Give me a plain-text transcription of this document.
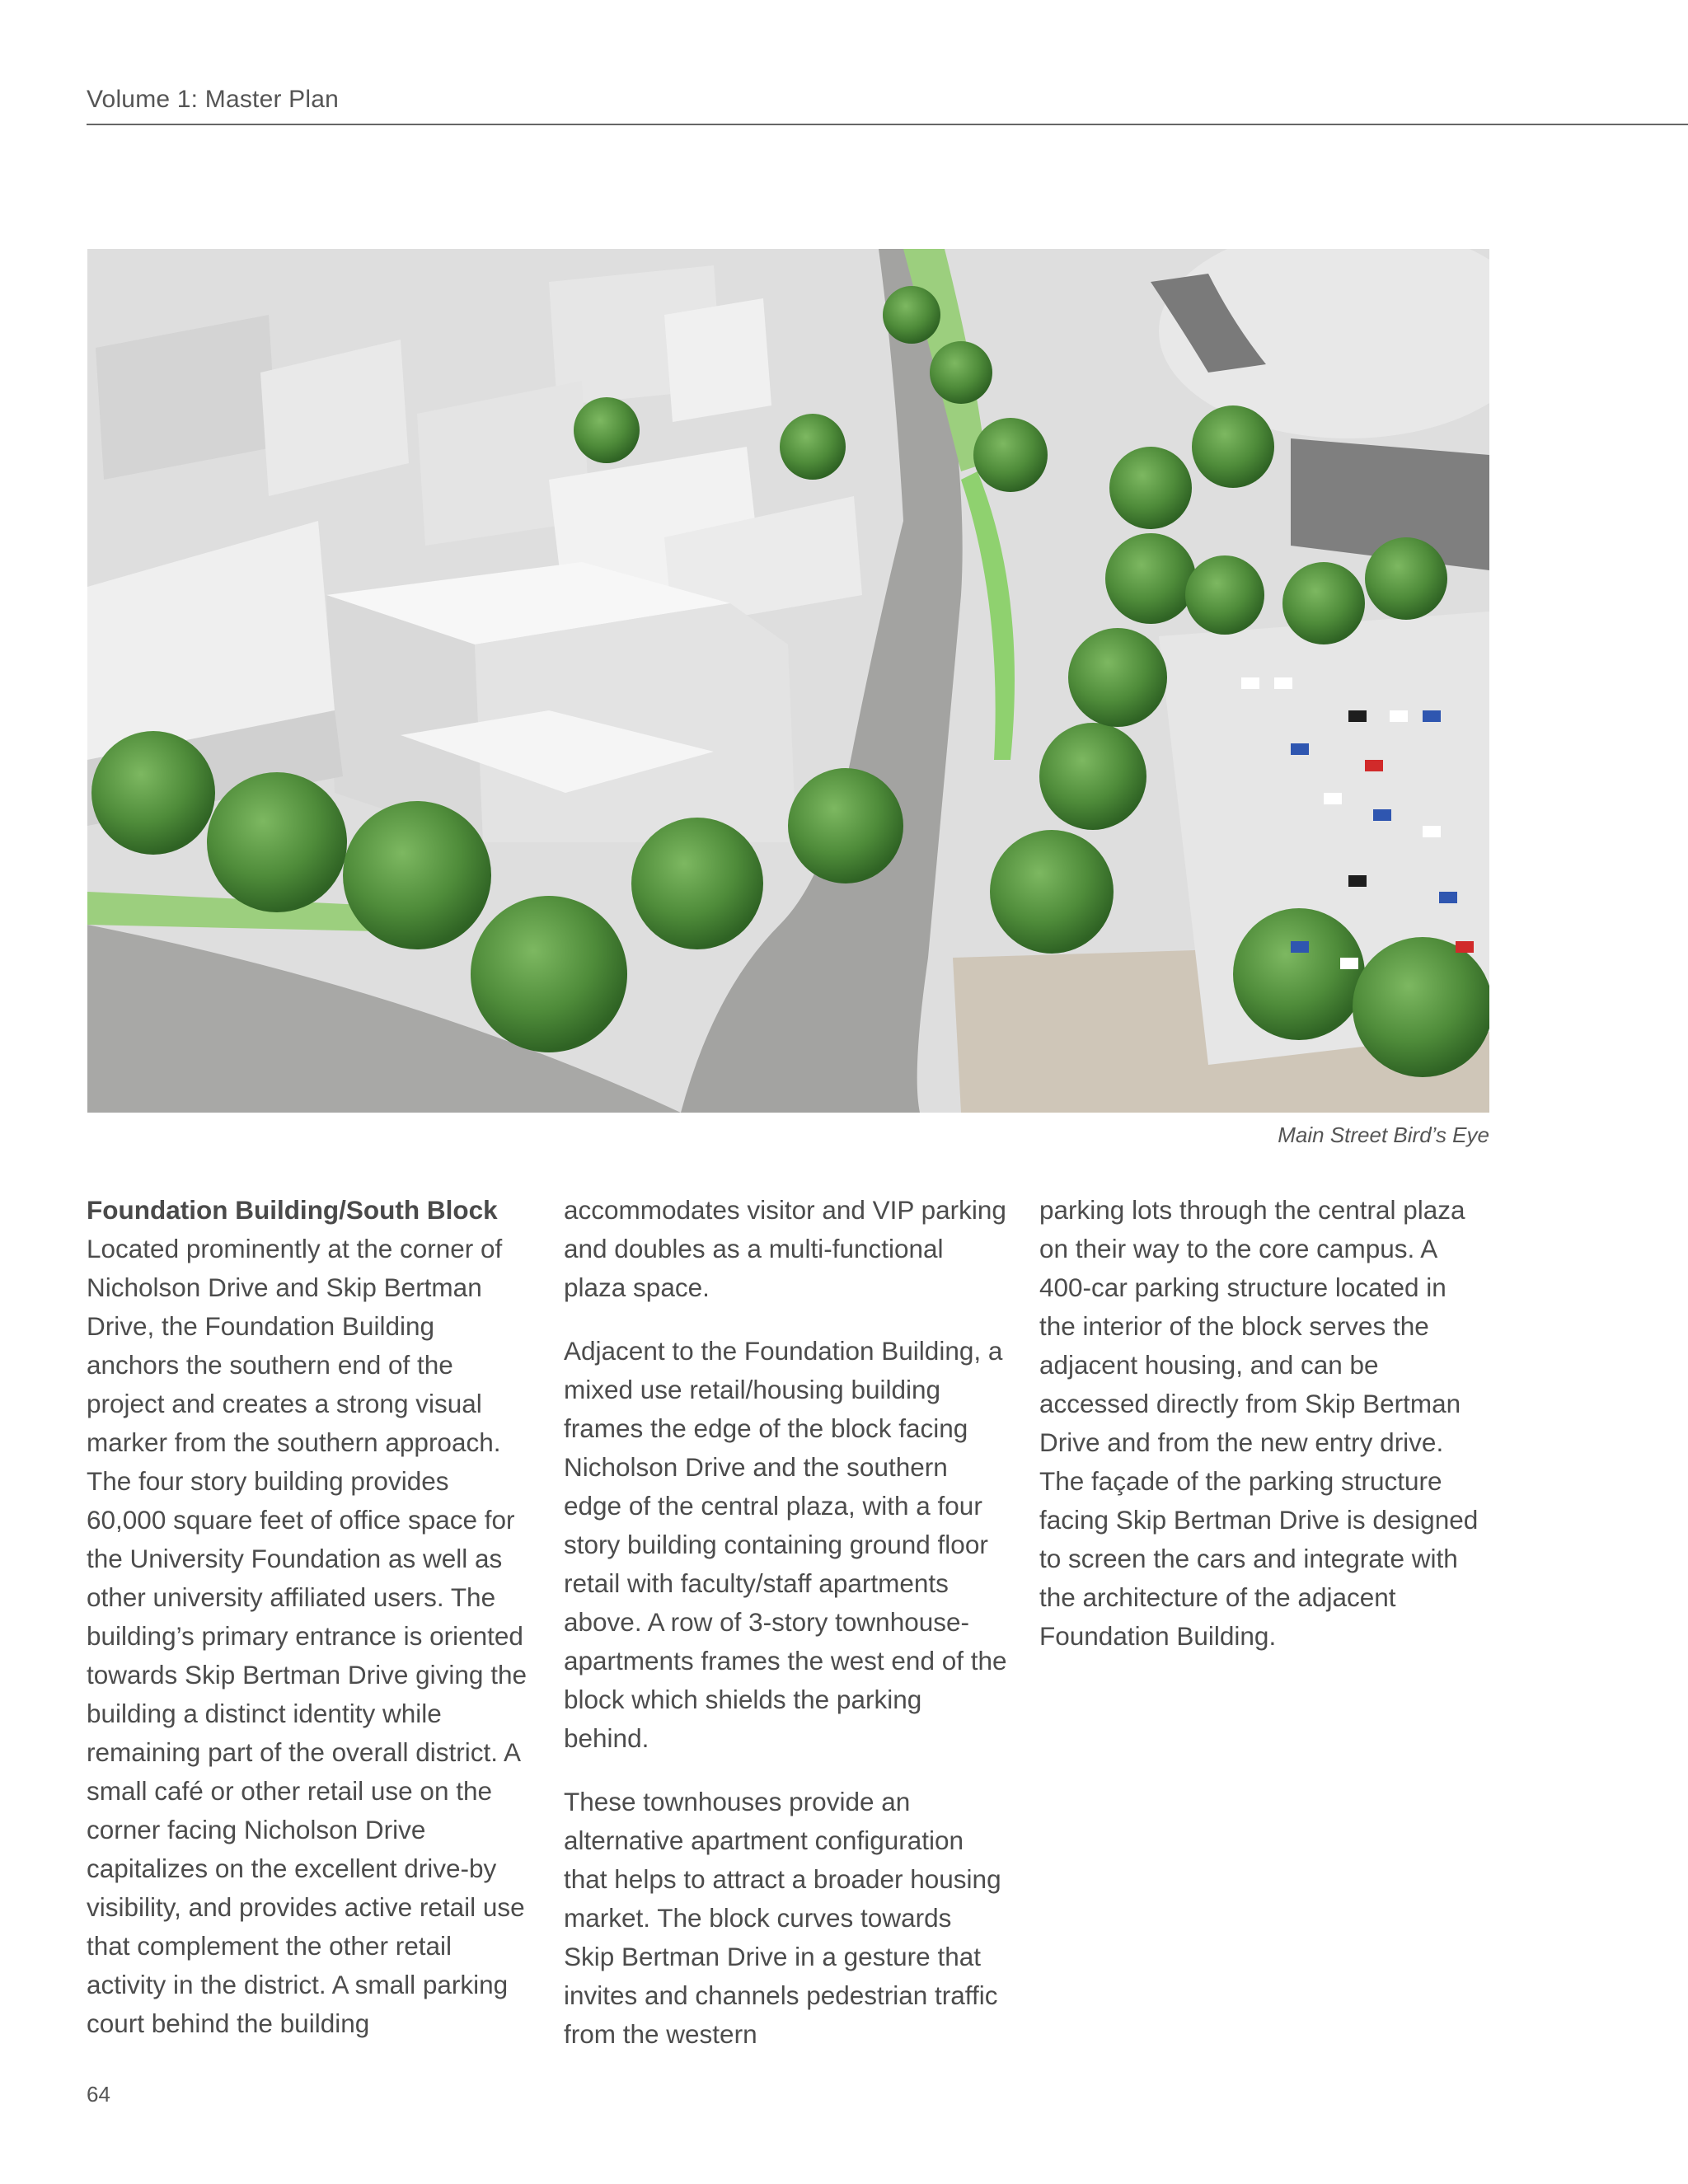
Volume 1: Master Plan
Main Street Bird’s Eye

Foundation Building/South Block
Located prominently at the corner of Nicholson Drive and Skip Bertman Drive, the Foundation Building anchors the southern end of the project and creates a strong visual marker from the southern approach. The four story building provides 60,000 square feet of office space for the University Foundation as well as other university affiliated users. The building’s primary entrance is oriented towards Skip Bertman Drive giving the building a distinct identity while remaining part of the overall district. A small café or other retail use on the corner facing Nicholson Drive capitalizes on the excellent drive-by visibility, and provides active retail use that complement the other retail activity in the district. A small parking court behind the building

accommodates visitor and VIP parking and doubles as a multi-functional plaza space.

Adjacent to the Foundation Building, a mixed use retail/housing building frames the edge of the block facing Nicholson Drive and the southern edge of the central plaza, with a four story building containing ground floor retail with faculty/staff apartments above. A row of 3-story townhouse-apartments frames the west end of the block which shields the parking behind.

These townhouses provide an alternative apartment configuration that helps to attract a broader housing market. The block curves towards Skip Bertman Drive in a gesture that invites and channels pedestrian traffic from the western

parking lots through the central plaza on their way to the core campus. A 400-car parking structure located in the interior of the block serves the adjacent housing, and can be accessed directly from Skip Bertman Drive and from the new entry drive. The façade of the parking structure facing Skip Bertman Drive is designed to screen the cars and integrate with the architecture of the adjacent Foundation Building.

64
